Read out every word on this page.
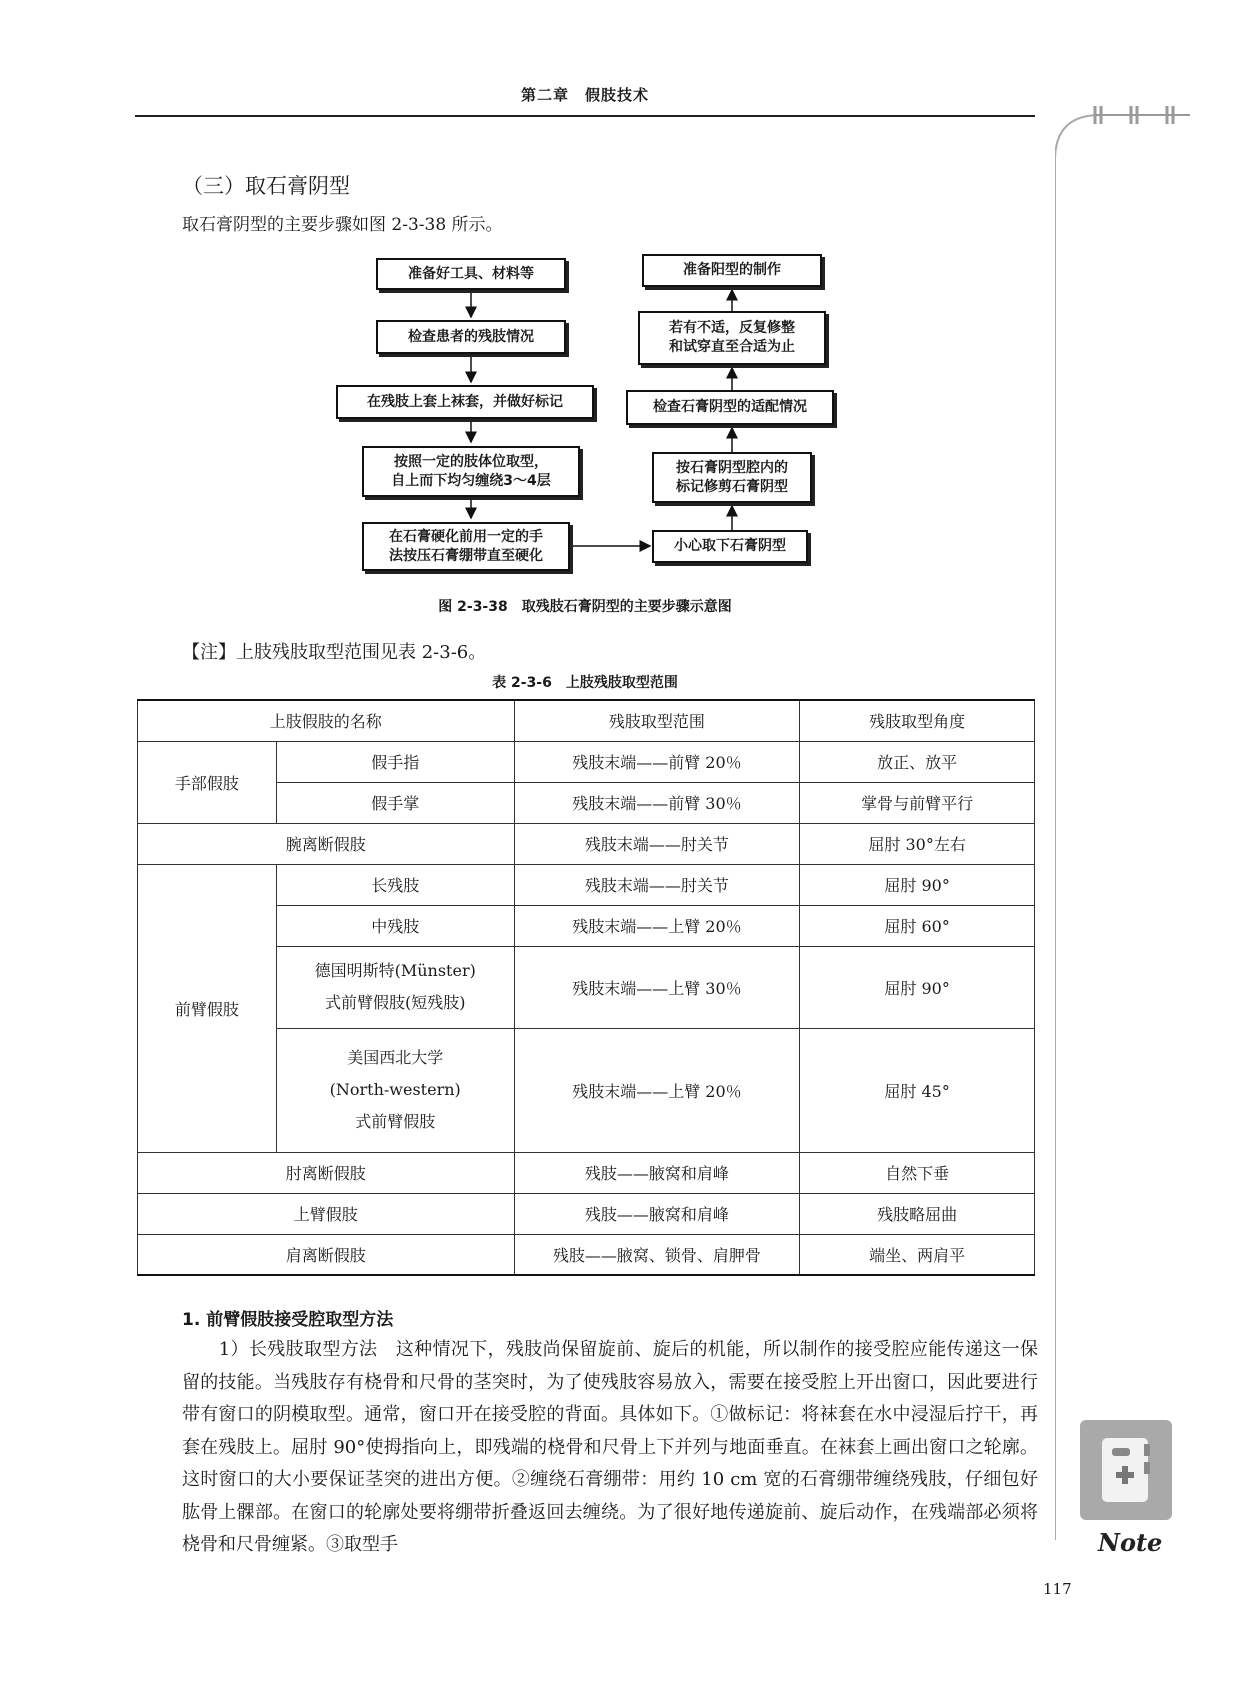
第二章　假肢技术
（三）取石膏阴型
取石膏阴型的主要步骤如图 2-3-38 所示。
准备好工具、材料等
检查患者的残肢情况
在残肢上套上袜套，并做好标记
按照一定的肢体位取型，
自上而下均匀缠绕3～4层
在石膏硬化前用一定的手
法按压石膏绷带直至硬化
准备阳型的制作
若有不适，反复修整
和试穿直至合适为止
检查石膏阴型的适配情况
按石膏阴型腔内的
标记修剪石膏阴型
小心取下石膏阴型
图 2-3-38　取残肢石膏阴型的主要步骤示意图
【注】上肢残肢取型范围见表 2-3-6。
表 2-3-6　上肢残肢取型范围
上肢假肢的名称		残肢取型范围	残肢取型角度
手部假肢	假手指	残肢末端——前臂 20％	放正、放平
	假手掌	残肢末端——前臂 30％	掌骨与前臂平行
腕离断假肢		残肢末端——肘关节	屈肘 30°左右
前臂假肢	长残肢	残肢末端——肘关节	屈肘 90°
	中残肢	残肢末端——上臂 20％	屈肘 60°

	德国明斯特(Münster)
式前臂假肢(短残肢)	残肢末端——上臂 30％	屈肘 90°

	美国西北大学
(North-western)
式前臂假肢	残肢末端——上臂 20％	屈肘 45°
肘离断假肢		残肢——腋窝和肩峰	自然下垂
上臂假肢		残肢——腋窝和肩峰	残肢略屈曲
肩离断假肢		残肢——腋窝、锁骨、肩胛骨	端坐、两肩平
1. 前臂假肢接受腔取型方法

　　1）长残肢取型方法　这种情况下，残肢尚保留旋前、旋后的机能，所以制作的接受腔应能传递这一保留的技能。当残肢存有桡骨和尺骨的茎突时，为了使残肢容易放入，需要在接受腔上开出窗口，因此要进行带有窗口的阴模取型。通常，窗口开在接受腔的背面。具体如下。①做标记：将袜套在水中浸湿后拧干，再套在残肢上。屈肘 90°使拇指向上，即残端的桡骨和尺骨上下并列与地面垂直。在袜套上画出窗口之轮廓。这时窗口的大小要保证茎突的进出方便。②缠绕石膏绷带：用约 10 cm 宽的石膏绷带缠绕残肢，仔细包好肱骨上髁部。在窗口的轮廓处要将绷带折叠返回去缠绕。为了很好地传递旋前、旋后动作，在残端部必须将桡骨和尺骨缠紧。③取型手	Note
117
